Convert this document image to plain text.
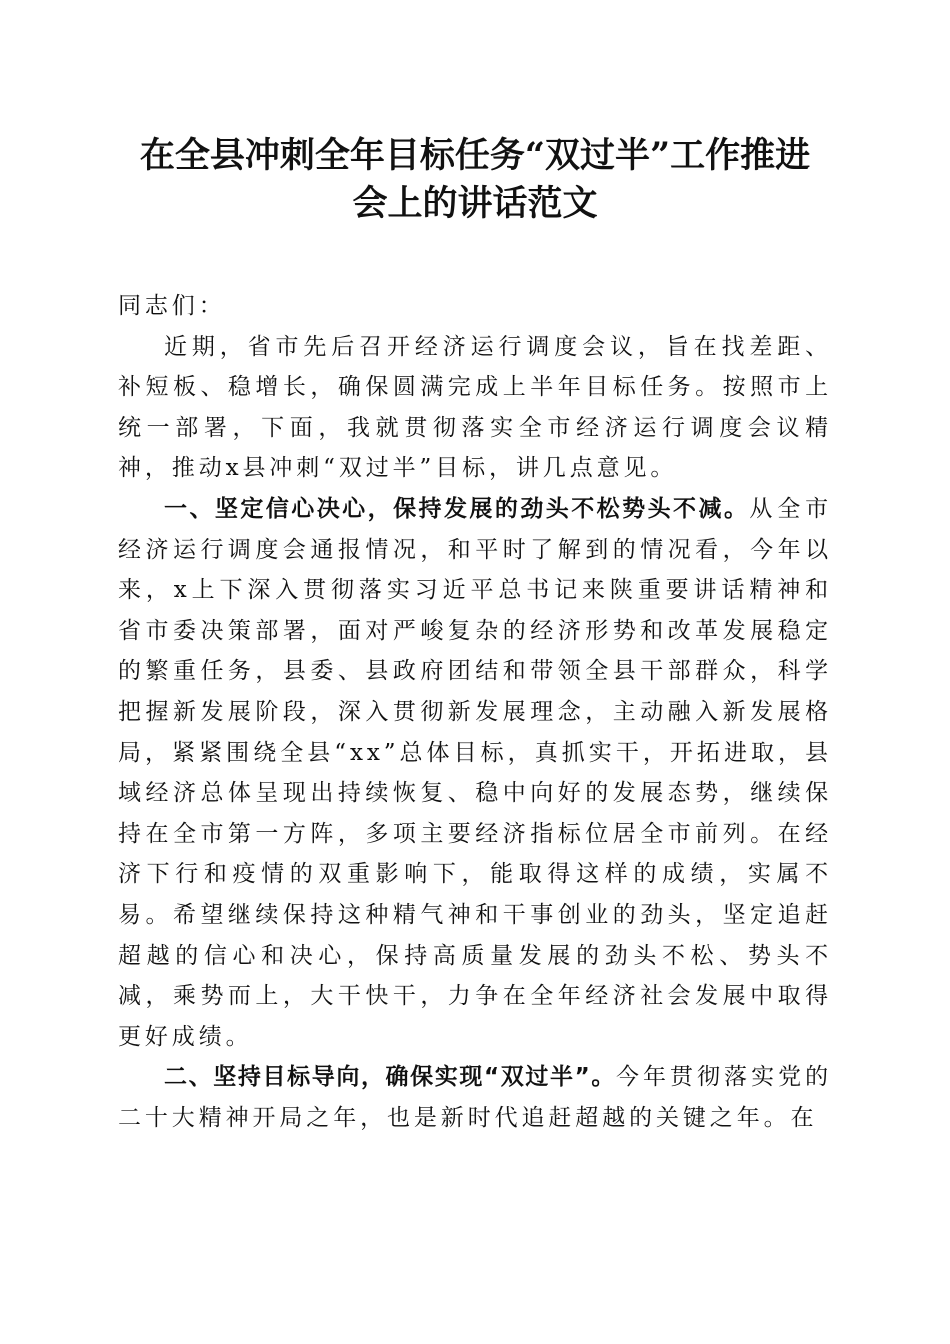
在全县冲刺全年目标任务“双过半”工作推进
会上的讲话范文

同志们：

近期，省市先后召开经济运行调度会议，旨在找差距、补短板、稳增长，确保圆满完成上半年目标任务。按照市上统一部署，下面，我就贯彻落实全市经济运行调度会议精神，推动x县冲刺“双过半”目标，讲几点意见。

一、坚定信心决心，保持发展的劲头不松势头不减。从全市经济运行调度会通报情况，和平时了解到的情况看，今年以来，x上下深入贯彻落实习近平总书记来陕重要讲话精神和省市委决策部署，面对严峻复杂的经济形势和改革发展稳定的繁重任务，县委、县政府团结和带领全县干部群众，科学把握新发展阶段，深入贯彻新发展理念，主动融入新发展格局，紧紧围绕全县“xx”总体目标，真抓实干，开拓进取，县域经济总体呈现出持续恢复、稳中向好的发展态势，继续保持在全市第一方阵，多项主要经济指标位居全市前列。在经济下行和疫情的双重影响下，能取得这样的成绩，实属不易。希望继续保持这种精气神和干事创业的劲头，坚定追赶超越的信心和决心，保持高质量发展的劲头不松、势头不减，乘势而上，大干快干，力争在全年经济社会发展中取得更好成绩。

二、坚持目标导向，确保实现“双过半”。今年贯彻落实党的二十大精神开局之年，也是新时代追赶超越的关键之年。在
